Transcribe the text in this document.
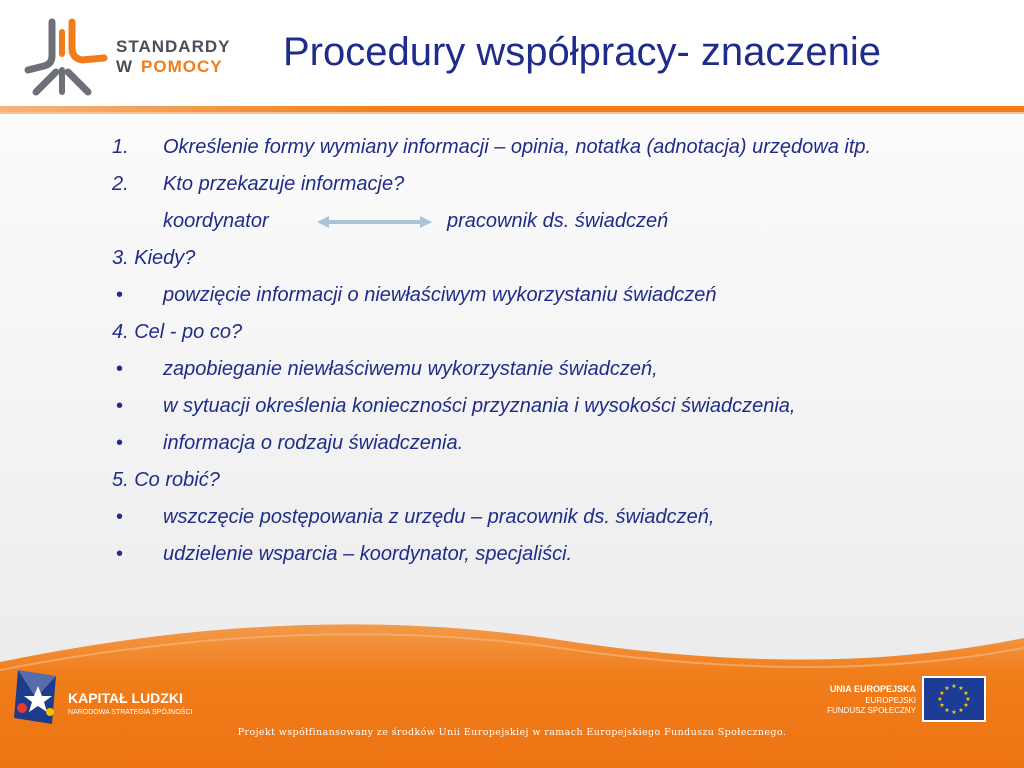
STANDARDY
W POMOCY Procedury współpracy- znaczenie
1.	Określenie formy wymiany informacji – opinia, notatka (adnotacja) urzędowa itp.
2.	Kto przekazuje informacje?
koordynator	pracownik ds. świadczeń
3. Kiedy?
•	powzięcie informacji o niewłaściwym wykorzystaniu świadczeń
4. Cel - po co?
•	zapobieganie niewłaściwemu wykorzystanie świadczeń,
•	w sytuacji określenia konieczności przyznania i wysokości świadczenia,
•	informacja o rodzaju świadczenia.
5. Co robić?
•	wszczęcie postępowania z urzędu – pracownik ds. świadczeń,
•	udzielenie wsparcia – koordynator, specjaliści.
KAPITAŁ LUDZKI
NARODOWA STRATEGIA SPÓJNOŚCI
UNIA EUROPEJSKA
EUROPEJSKI
FUNDUSZ SPOŁECZNY
★ ★
★
★
★
★
★
★
★
★
★
★
Projekt współfinansowany ze środków Unii Europejskiej w ramach Europejskiego Funduszu Społecznego.
